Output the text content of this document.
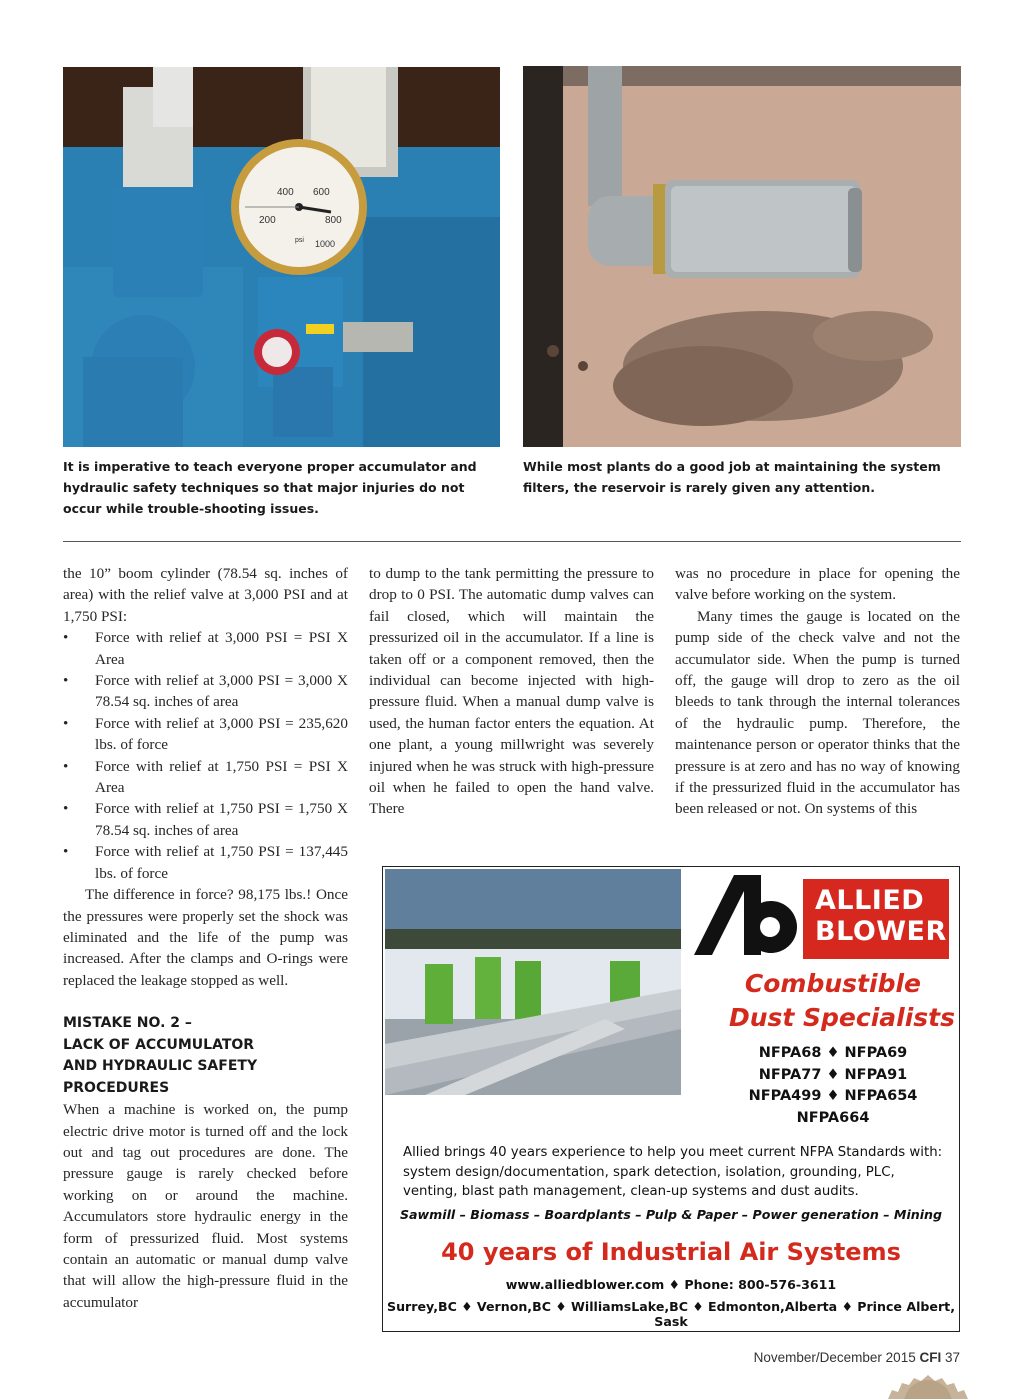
400 600
200	800
1000
psi
It is imperative to teach everyone proper accumulator and hydraulic safety techniques so that major injuries do not occur while trouble-shooting issues.
While most plants do a good job at maintaining the system filters, the reservoir is rarely given any attention.

the 10” boom cylinder (78.54 sq. inches of area) with the relief valve at 3,000 PSI and at 1,750 PSI:

• Force with relief at 3,000 PSI = PSI X Area
• Force with relief at 3,000 PSI = 3,000 X 78.54 sq. inches of area
• Force with relief at 3,000 PSI = 235,620 lbs. of force
• Force with relief at 1,750 PSI = PSI X Area
• Force with relief at 1,750 PSI = 1,750 X 78.54 sq. inches of area
• Force with relief at 1,750 PSI = 137,445 lbs. of force

The difference in force? 98,175 lbs.! Once the pressures were properly set the shock was eliminated and the life of the pump was increased. After the clamps and O-rings were replaced the leakage stopped as well.

MISTAKE NO. 2 –
LACK OF ACCUMULATOR
AND HYDRAULIC SAFETY
PROCEDURES

When a machine is worked on, the pump electric drive motor is turned off and the lock out and tag out procedures are done. The pressure gauge is rarely checked before working on or around the machine. Accumulators store hydraulic energy in the form of pressurized fluid. Most systems contain an automatic or manual dump valve that will allow the high-pressure fluid in the accumulator

to dump to the tank permitting the pressure to drop to 0 PSI. The automatic dump valves can fail closed, which will maintain the pressurized oil in the accumulator. If a line is taken off or a component removed, then the individual can become injected with high-pressure fluid. When a manual dump valve is used, the human factor enters the equation. At one plant, a young millwright was severely injured when he was struck with high-pressure oil when he failed to open the hand valve. There

was no procedure in place for opening the valve before working on the system.

Many times the gauge is located on the pump side of the check valve and not the accumulator side. When the pump is turned off, the gauge will drop to zero as the oil bleeds to tank through the internal tolerances of the hydraulic pump. Therefore, the maintenance person or operator thinks that the pressure is at zero and has no way of knowing if the pressurized fluid in the accumulator has been released or not. On systems of this

ALLIED
BLOWER
Combustible
Dust Specialists
NFPA68 ♦ NFPA69
NFPA77 ♦ NFPA91
NFPA499 ♦ NFPA654
NFPA664
Allied brings 40 years experience to help you meet current NFPA Standards with: system design/documentation, spark detection, isolation, grounding, PLC, venting, blast path management, clean-up systems and dust audits.
Sawmill – Biomass – Boardplants – Pulp & Paper – Power generation – Mining
40 years of Industrial Air Systems
www.alliedblower.com ♦ Phone: 800-576-3611
Surrey,BC ♦ Vernon,BC ♦ WilliamsLake,BC ♦ Edmonton,Alberta ♦ Prince Albert, Sask
November/December 2015 CFI 37
